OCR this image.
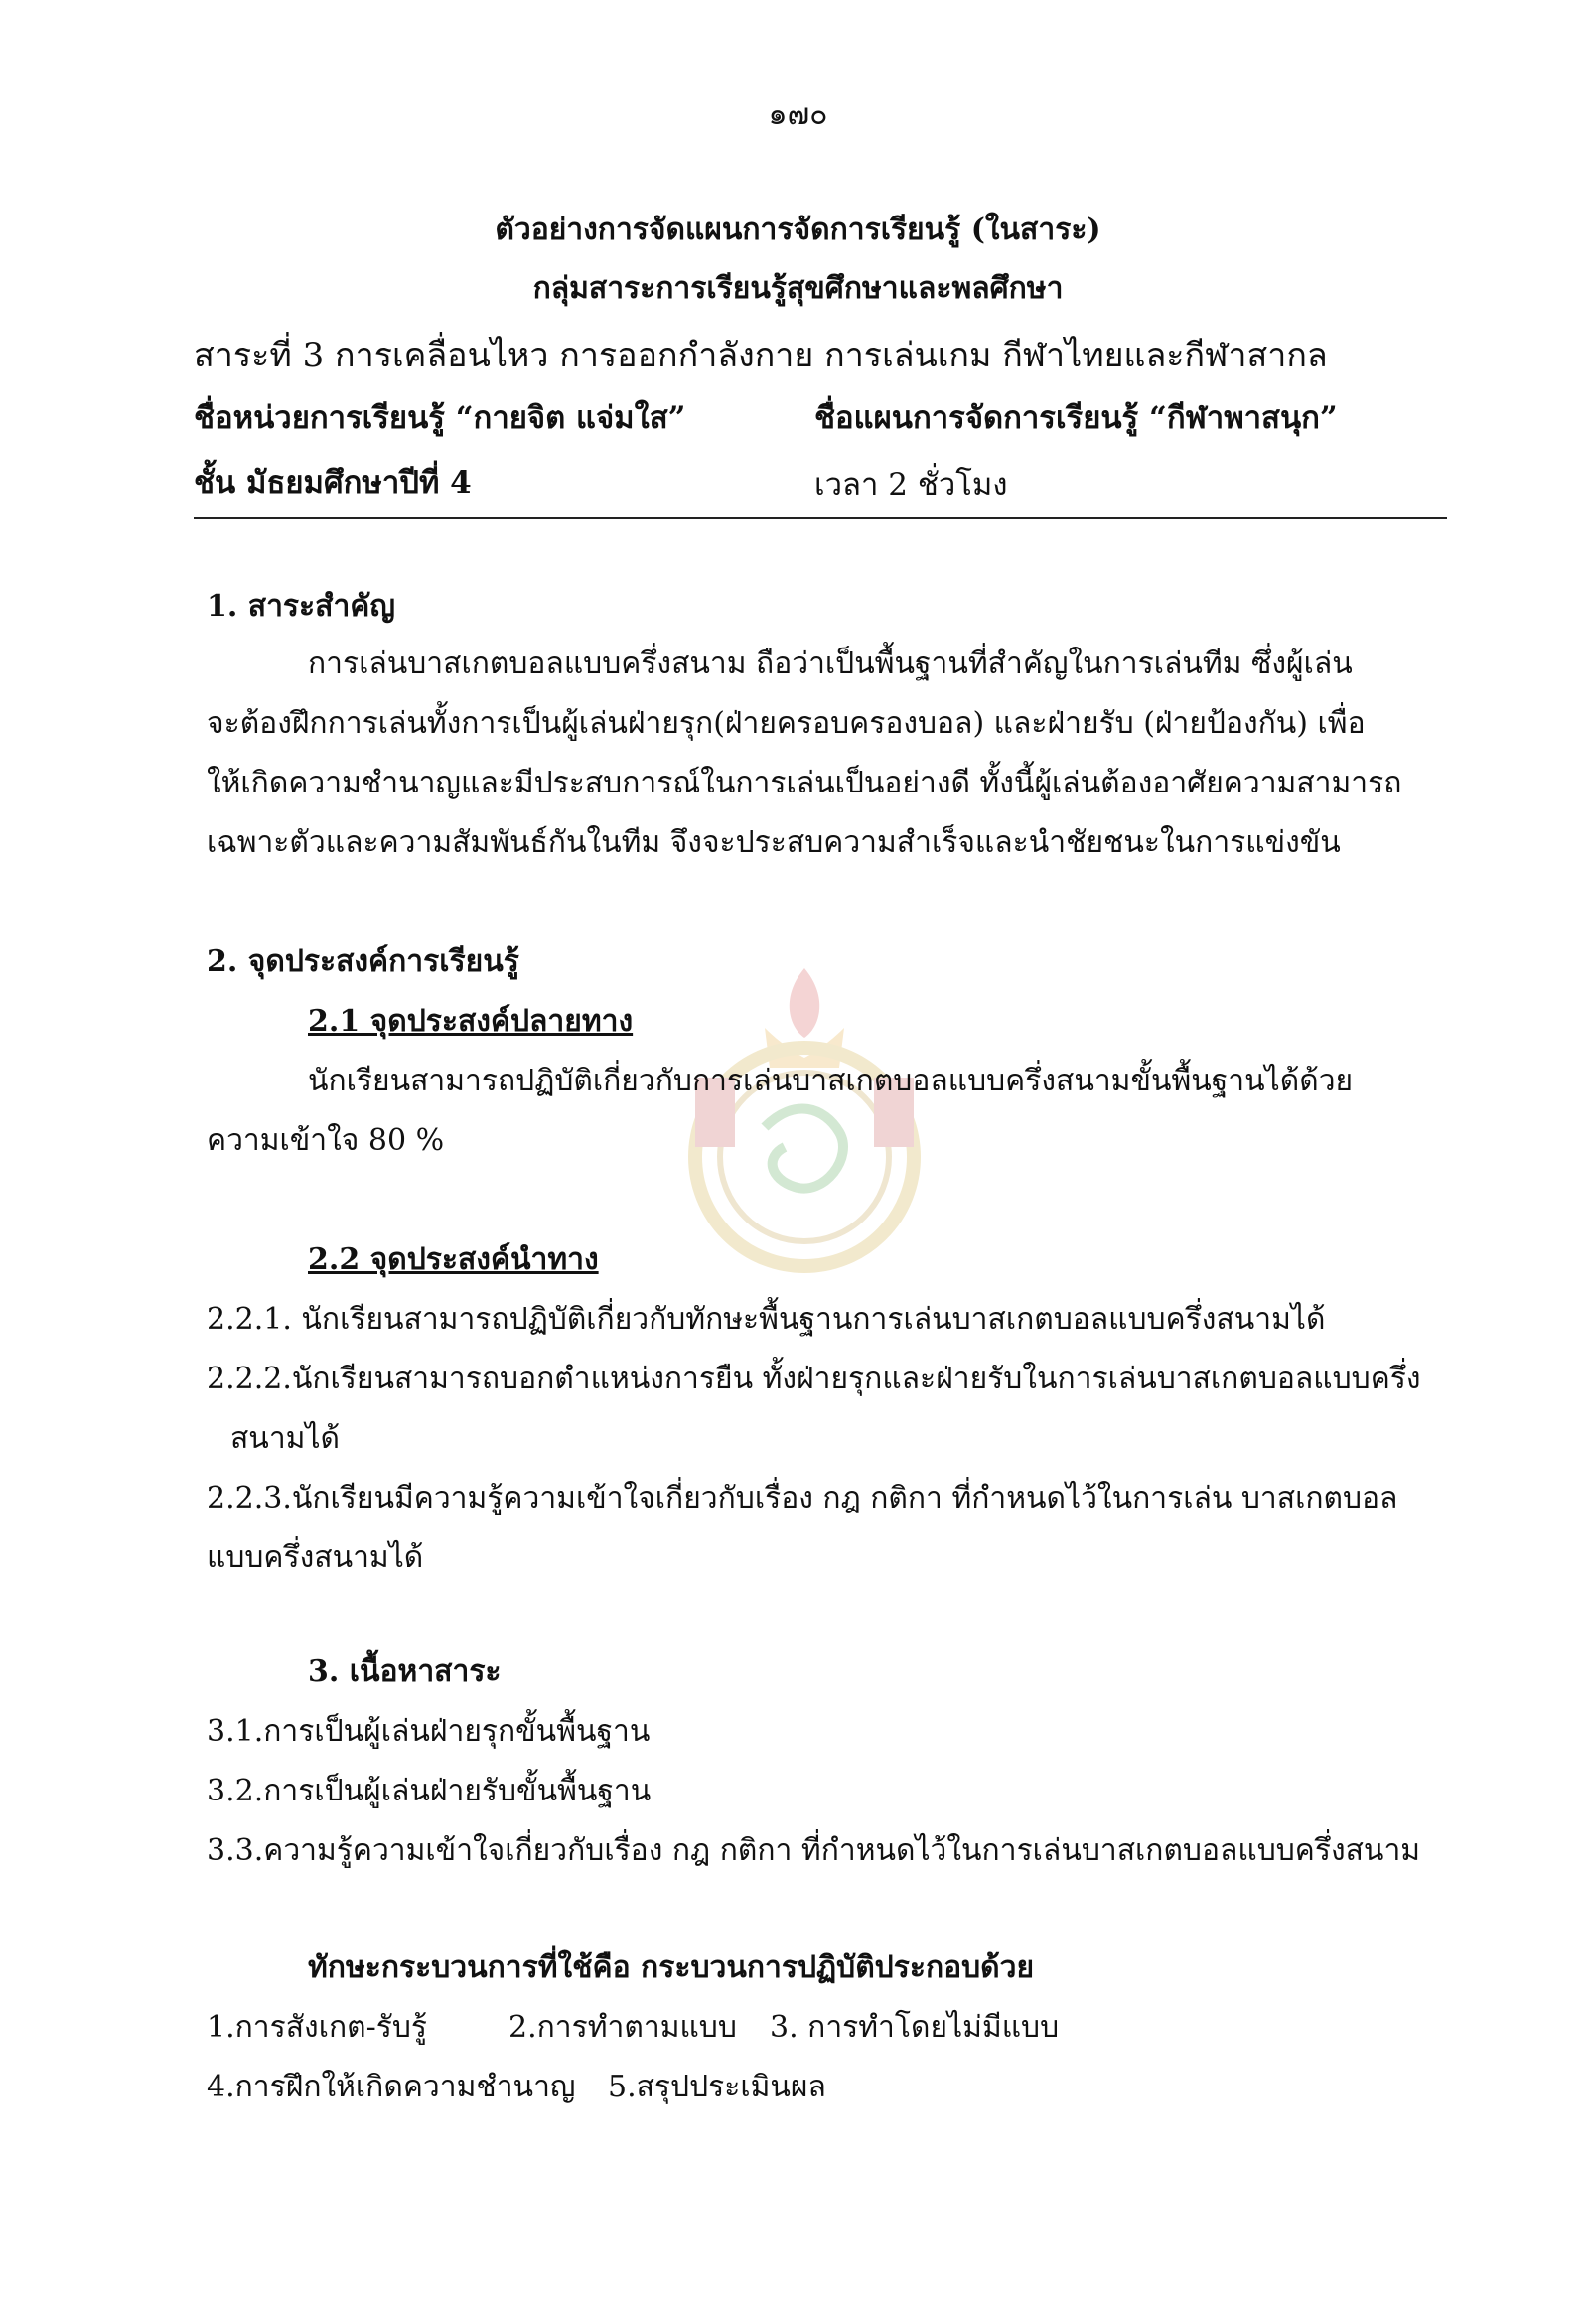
๑๗๐
ตัวอย่างการจัดแผนการจัดการเรียนรู้ (ในสาระ)
กลุ่มสาระการเรียนรู้สุขศึกษาและพลศึกษา
สาระที่ 3 การเคลื่อนไหว การออกกำลังกาย การเล่นเกม กีฬาไทยและกีฬาสากล
ชื่อหน่วยการเรียนรู้ “กายจิต แจ่มใส”	ชื่อแผนการจัดการเรียนรู้ “กีฬาพาสนุก”
ชั้น มัธยมศึกษาปีที่ 4	เวลา 2 ชั่วโมง
1. สาระสำคัญ
การเล่นบาสเกตบอลแบบครึ่งสนาม ถือว่าเป็นพื้นฐานที่สำคัญในการเล่นทีม ซึ่งผู้เล่น
จะต้องฝึกการเล่นทั้งการเป็นผู้เล่นฝ่ายรุก(ฝ่ายครอบครองบอล) และฝ่ายรับ (ฝ่ายป้องกัน) เพื่อ
ให้เกิดความชำนาญและมีประสบการณ์ในการเล่นเป็นอย่างดี ทั้งนี้ผู้เล่นต้องอาศัยความสามารถ
เฉพาะตัวและความสัมพันธ์กันในทีม จึงจะประสบความสำเร็จและนำชัยชนะในการแข่งขัน
2. จุดประสงค์การเรียนรู้
2.1 จุดประสงค์ปลายทาง
นักเรียนสามารถปฏิบัติเกี่ยวกับการเล่นบาสเกตบอลแบบครึ่งสนามขั้นพื้นฐานได้ด้วย
ความเข้าใจ 80 %
2.2 จุดประสงค์นำทาง
2.2.1. นักเรียนสามารถปฏิบัติเกี่ยวกับทักษะพื้นฐานการเล่นบาสเกตบอลแบบครึ่งสนามได้
2.2.2.นักเรียนสามารถบอกตำแหน่งการยืน ทั้งฝ่ายรุกและฝ่ายรับในการเล่นบาสเกตบอลแบบครึ่ง
สนามได้
2.2.3.นักเรียนมีความรู้ความเข้าใจเกี่ยวกับเรื่อง กฎ กติกา ที่กำหนดไว้ในการเล่น บาสเกตบอล
แบบครึ่งสนามได้
3. เนื้อหาสาระ
3.1.การเป็นผู้เล่นฝ่ายรุกขั้นพื้นฐาน
3.2.การเป็นผู้เล่นฝ่ายรับขั้นพื้นฐาน
3.3.ความรู้ความเข้าใจเกี่ยวกับเรื่อง กฎ กติกา ที่กำหนดไว้ในการเล่นบาสเกตบอลแบบครึ่งสนาม
ทักษะกระบวนการที่ใช้คือ กระบวนการปฏิบัติประกอบด้วย
1.การสังเกต-รับรู้	2.การทำตามแบบ 3. การทำโดยไม่มีแบบ
4.การฝึกให้เกิดความชำนาญ 5.สรุปประเมินผล
